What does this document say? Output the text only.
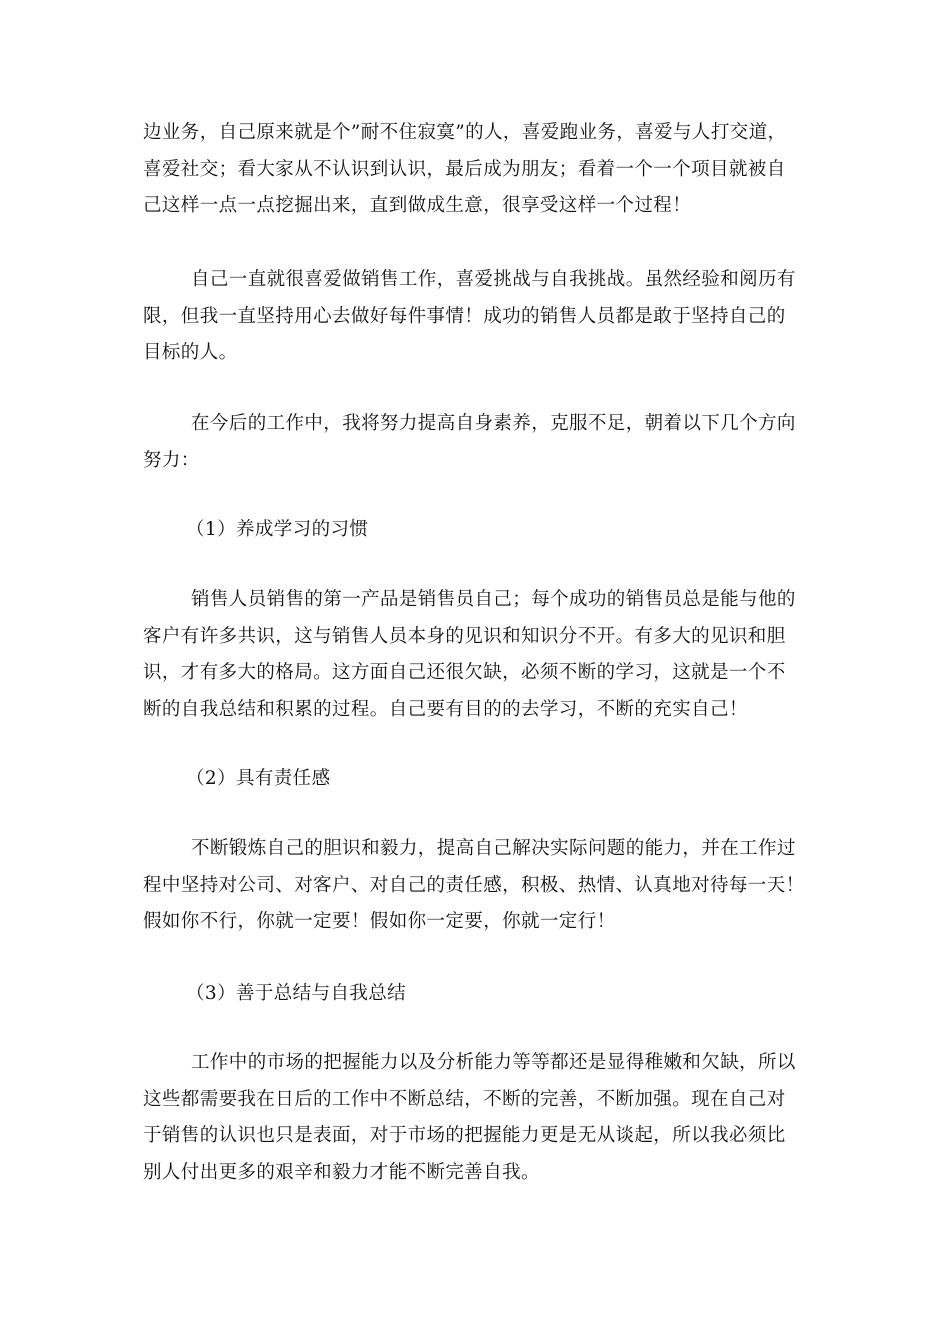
边业务，自己原来就是个”耐不住寂寞”的人，喜爱跑业务，喜爱与人打交道，
喜爱社交；看大家从不认识到认识，最后成为朋友；看着一个一个项目就被自
己这样一点一点挖掘出来，直到做成生意，很享受这样一个过程！
自己一直就很喜爱做销售工作，喜爱挑战与自我挑战。虽然经验和阅历有
限，但我一直坚持用心去做好每件事情！成功的销售人员都是敢于坚持自己的
目标的人。
在今后的工作中，我将努力提高自身素养，克服不足，朝着以下几个方向
努力：
（1）养成学习的习惯
销售人员销售的第一产品是销售员自己；每个成功的销售员总是能与他的
客户有许多共识，这与销售人员本身的见识和知识分不开。有多大的见识和胆
识，才有多大的格局。这方面自己还很欠缺，必须不断的学习，这就是一个不
断的自我总结和积累的过程。自己要有目的的去学习，不断的充实自己！
（2）具有责任感
不断锻炼自己的胆识和毅力，提高自己解决实际问题的能力，并在工作过
程中坚持对公司、对客户、对自己的责任感，积极、热情、认真地对待每一天！
假如你不行，你就一定要！假如你一定要，你就一定行！
（3）善于总结与自我总结
工作中的市场的把握能力以及分析能力等等都还是显得稚嫩和欠缺，所以
这些都需要我在日后的工作中不断总结，不断的完善，不断加强。现在自己对
于销售的认识也只是表面，对于市场的把握能力更是无从谈起，所以我必须比
别人付出更多的艰辛和毅力才能不断完善自我。
